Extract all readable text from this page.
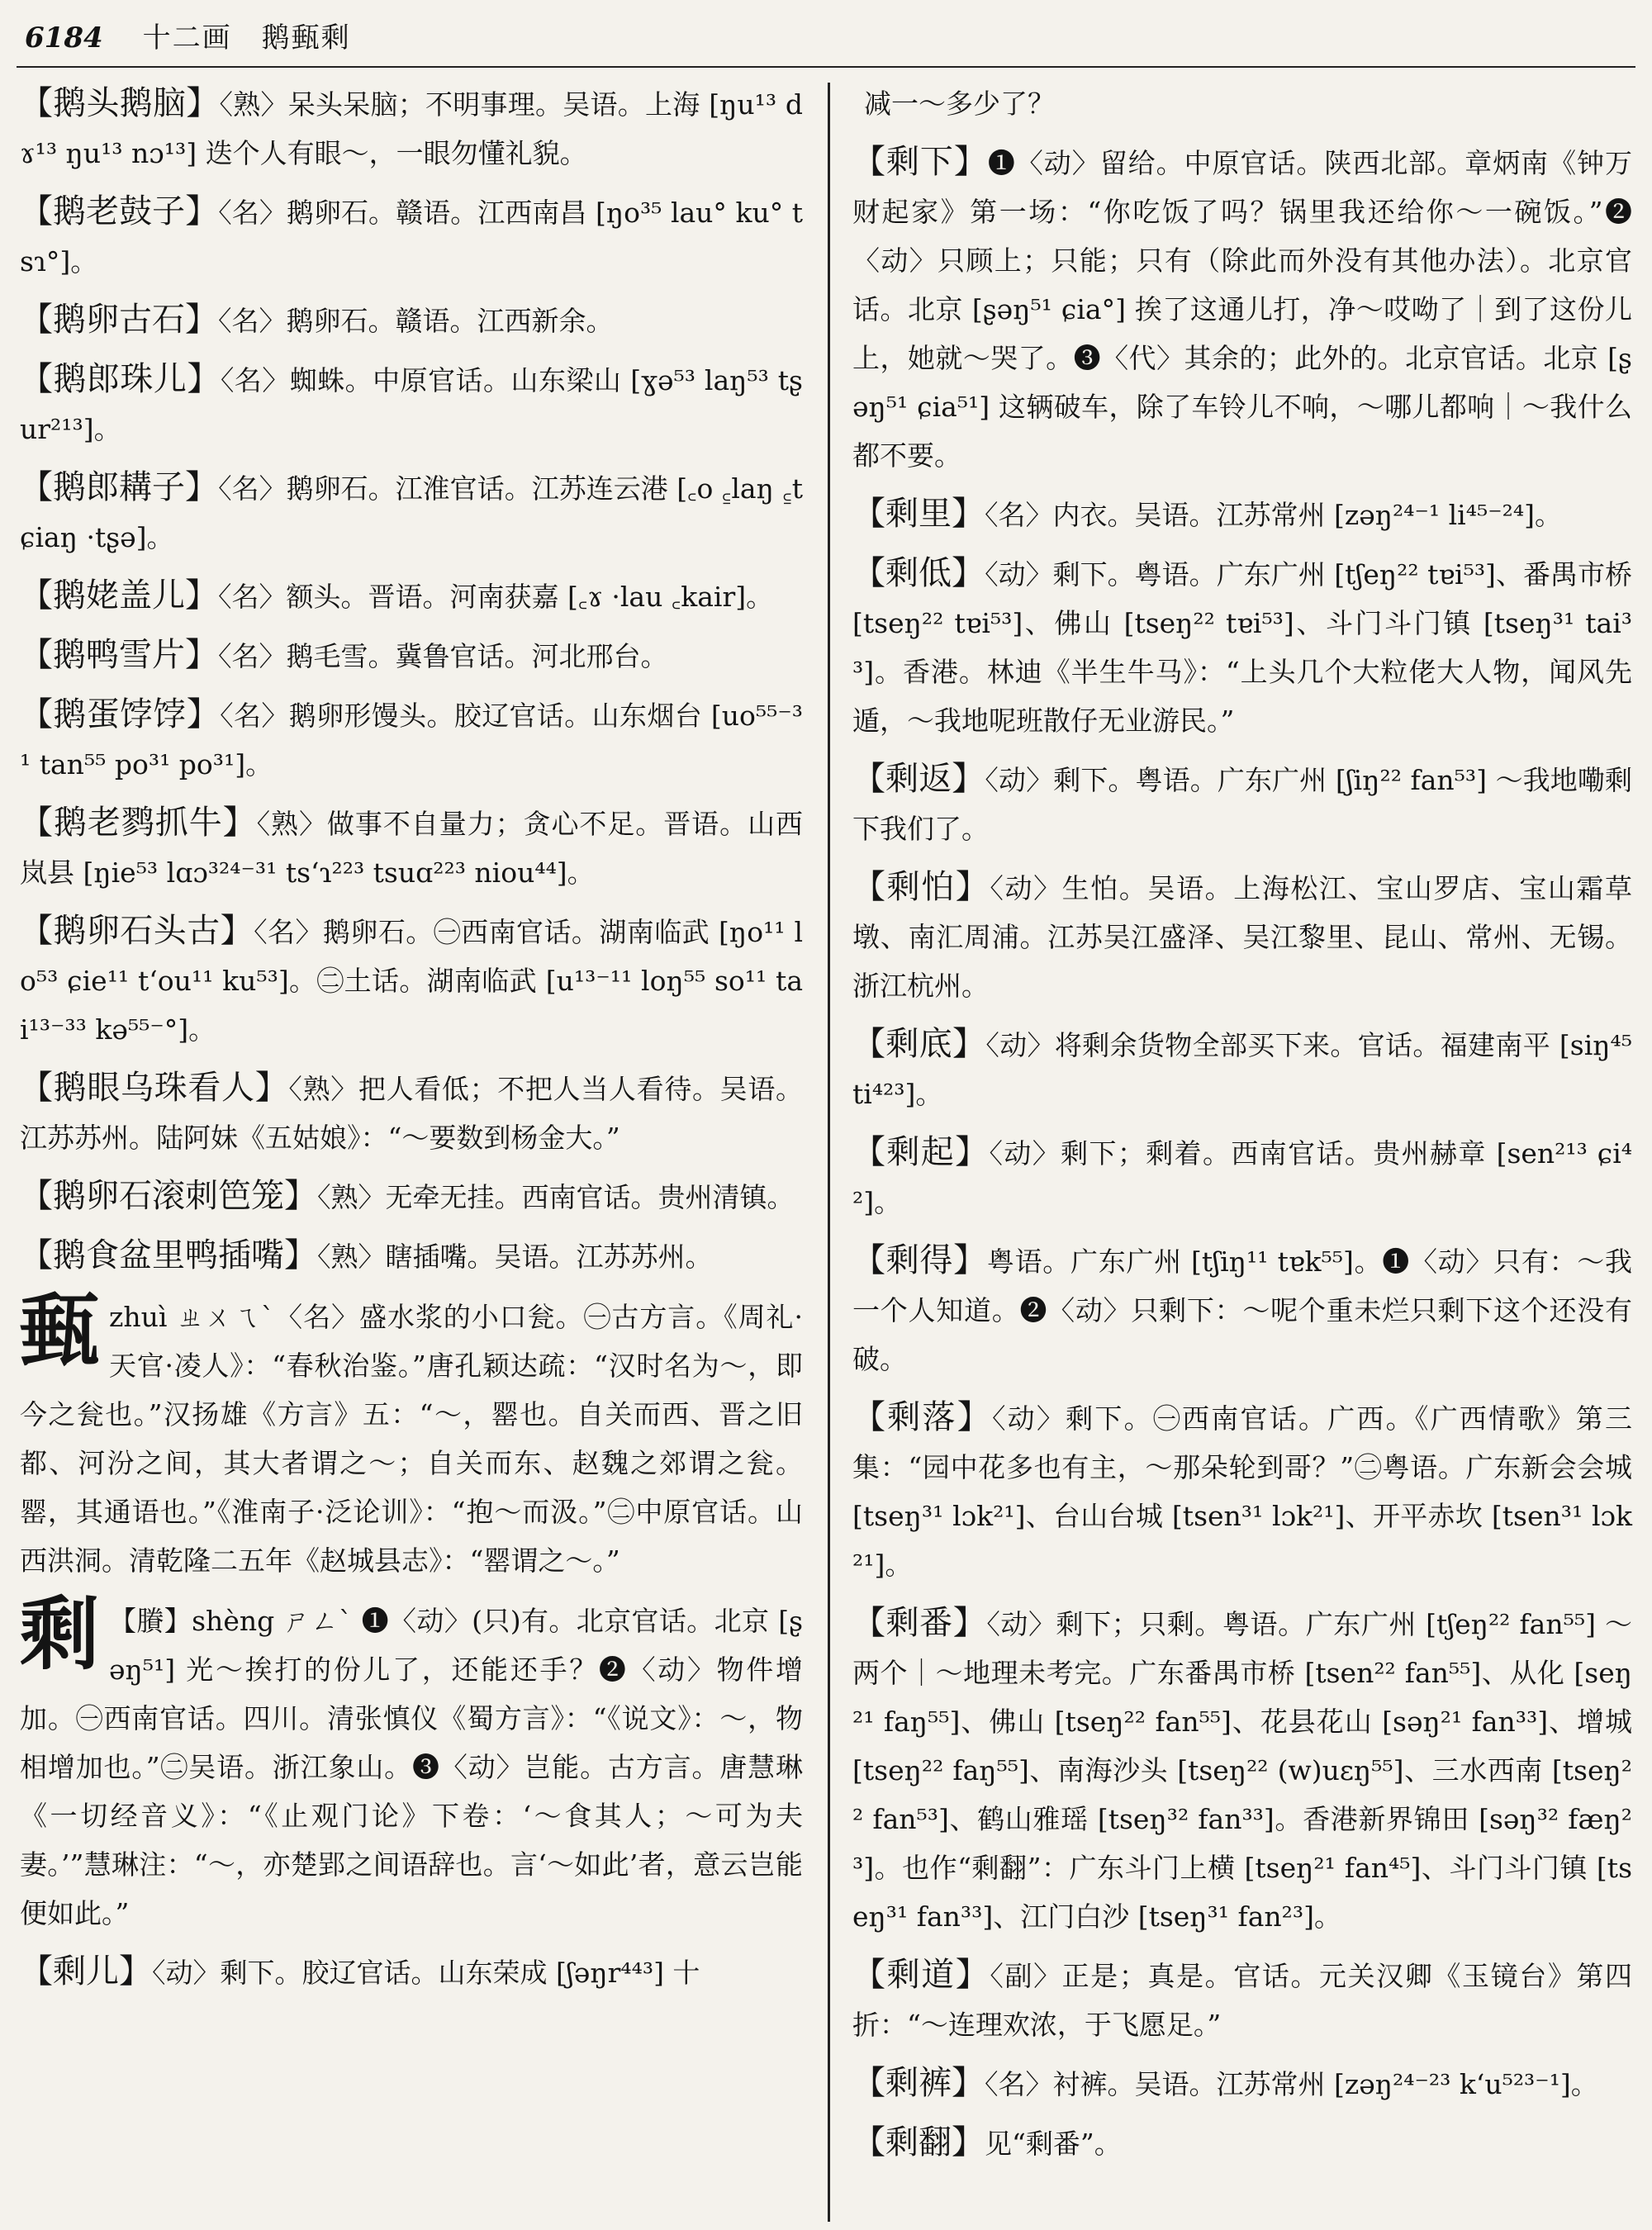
6184 十二画　鹅甀剩
【鹅头鹅脑】〈熟〉呆头呆脑；不明事理。吴语。上海 [ŋu¹³ dɤ¹³ ŋu¹³ nɔ¹³] 迭个人有眼～，一眼勿懂礼貌。
【鹅老鼓子】〈名〉鹅卵石。赣语。江西南昌 [ŋo³⁵ lau° ku° tsɿ°]。
【鹅卵古石】〈名〉鹅卵石。赣语。江西新余。
【鹅郎珠儿】〈名〉蜘蛛。中原官话。山东梁山 [ɣə⁵³ laŋ⁵³ tʂur²¹³]。
【鹅郎耩子】〈名〉鹅卵石。江淮官话。江苏连云港 [꜀o ꜁laŋ ꜁tɕiaŋ ·tʂə]。
【鹅姥盖儿】〈名〉额头。晋语。河南获嘉 [꜀ɤ ·lau ꜀kair]。
【鹅鸭雪片】〈名〉鹅毛雪。冀鲁官话。河北邢台。
【鹅蛋饽饽】〈名〉鹅卵形馒头。胶辽官话。山东烟台 [uo⁵⁵⁻³¹ tan⁵⁵ po³¹ po³¹]。
【鹅老鹨抓牛】〈熟〉做事不自量力；贪心不足。晋语。山西岚县 [ŋie⁵³ lɑɔ³²⁴⁻³¹ tsʻɿ²²³ tsuɑ²²³ niou⁴⁴]。
【鹅卵石头古】〈名〉鹅卵石。㊀西南官话。湖南临武 [ŋo¹¹ lo⁵³ ɕie¹¹ tʻou¹¹ ku⁵³]。㊁土话。湖南临武 [u¹³⁻¹¹ loŋ⁵⁵ so¹¹ tai¹³⁻³³ kə⁵⁵⁻°]。
【鹅眼乌珠看人】〈熟〉把人看低；不把人当人看待。吴语。江苏苏州。陆阿妹《五姑娘》：“～要数到杨金大。”
【鹅卵石滚刺笆笼】〈熟〉无牵无挂。西南官话。贵州清镇。
【鹅食盆里鸭插嘴】〈熟〉瞎插嘴。吴语。江苏苏州。
甀zhuì ㄓㄨㄟˋ〈名〉盛水浆的小口瓮。㊀古方言。《周礼·天官·凌人》：“春秋治鉴。”唐孔颖达疏：“汉时名为～，即今之瓮也。”汉扬雄《方言》五：“～，罂也。自关而西、晋之旧都、河汾之间，其大者谓之～；自关而东、赵魏之郊谓之瓮。罂，其通语也。”《淮南子·泛论训》：“抱～而汲。”㊁中原官话。山西洪洞。清乾隆二五年《赵城县志》：“罂谓之～。”
剩 【賸】shèng ㄕㄥˋ ❶〈动〉(只)有。北京官话。北京 [ʂəŋ⁵¹] 光～挨打的份儿了，还能还手？❷〈动〉物件增加。㊀西南官话。四川。清张慎仪《蜀方言》：“《说文》：～，物相增加也。”㊁吴语。浙江象山。❸〈动〉岂能。古方言。唐慧琳《一切经音义》：“《止观门论》下卷：‘～食其人；～可为夫妻。’”慧琳注：“～，亦楚郢之间语辞也。言‘～如此’者，意云岂能便如此。”
【剩儿】〈动〉剩下。胶辽官话。山东荣成 [ʃəŋr⁴⁴³] 十
减一～多少了？
【剩下】❶〈动〉留给。中原官话。陕西北部。章炳南《钟万财起家》第一场：“你吃饭了吗？锅里我还给你～一碗饭。”❷〈动〉只顾上；只能；只有（除此而外没有其他办法）。北京官话。北京 [ʂəŋ⁵¹ ɕia°] 挨了这通儿打，净～哎呦了｜到了这份儿上，她就～哭了。❸〈代〉其余的；此外的。北京官话。北京 [ʂəŋ⁵¹ ɕia⁵¹] 这辆破车，除了车铃儿不响，～哪儿都响｜～我什么都不要。
【剩里】〈名〉内衣。吴语。江苏常州 [zəŋ²⁴⁻¹ li⁴⁵⁻²⁴]。
【剩低】〈动〉剩下。粤语。广东广州 [tʃeŋ²² tɐi⁵³]、番禺市桥 [tseŋ²² tɐi⁵³]、佛山 [tseŋ²² tɐi⁵³]、斗门斗门镇 [tseŋ³¹ tai³³]。香港。林迪《半生牛马》：“上头几个大粒佬大人物，闻风先遁，～我地呢班散仔无业游民。”
【剩返】〈动〉剩下。粤语。广东广州 [ʃiŋ²² fan⁵³] ～我地嘞剩下我们了。
【剩怕】〈动〉生怕。吴语。上海松江、宝山罗店、宝山霜草墩、南汇周浦。江苏吴江盛泽、吴江黎里、昆山、常州、无锡。浙江杭州。
【剩底】〈动〉将剩余货物全部买下来。官话。福建南平 [siŋ⁴⁵ ti⁴²³]。
【剩起】〈动〉剩下；剩着。西南官话。贵州赫章 [sen²¹³ ɕi⁴²]。
【剩得】粤语。广东广州 [tʃiŋ¹¹ tɐk⁵⁵]。❶〈动〉只有：～我一个人知道。❷〈动〉只剩下：～呢个重未烂只剩下这个还没有破。
【剩落】〈动〉剩下。㊀西南官话。广西。《广西情歌》第三集：“园中花多也有主，～那朵轮到哥？”㊁粤语。广东新会会城 [tseŋ³¹ lɔk²¹]、台山台城 [tsen³¹ lɔk²¹]、开平赤坎 [tsen³¹ lɔk²¹]。
【剩番】〈动〉剩下；只剩。粤语。广东广州 [tʃeŋ²² fan⁵⁵] ～两个｜～地理未考完。广东番禺市桥 [tsen²² fan⁵⁵]、从化 [seŋ²¹ faŋ⁵⁵]、佛山 [tseŋ²² fan⁵⁵]、花县花山 [səŋ²¹ fan³³]、增城 [tseŋ²² faŋ⁵⁵]、南海沙头 [tseŋ²² (w)uɛŋ⁵⁵]、三水西南 [tseŋ²² fan⁵³]、鹤山雅瑶 [tseŋ³² fan³³]。香港新界锦田 [səŋ³² fæŋ²³]。也作“剩翻”：广东斗门上横 [tseŋ²¹ fan⁴⁵]、斗门斗门镇 [tseŋ³¹ fan³³]、江门白沙 [tseŋ³¹ fan²³]。
【剩道】〈副〉正是；真是。官话。元关汉卿《玉镜台》第四折：“～连理欢浓，于飞愿足。”
【剩裤】〈名〉衬裤。吴语。江苏常州 [zəŋ²⁴⁻²³ kʻu⁵²³⁻¹]。
【剩翻】见“剩番”。
